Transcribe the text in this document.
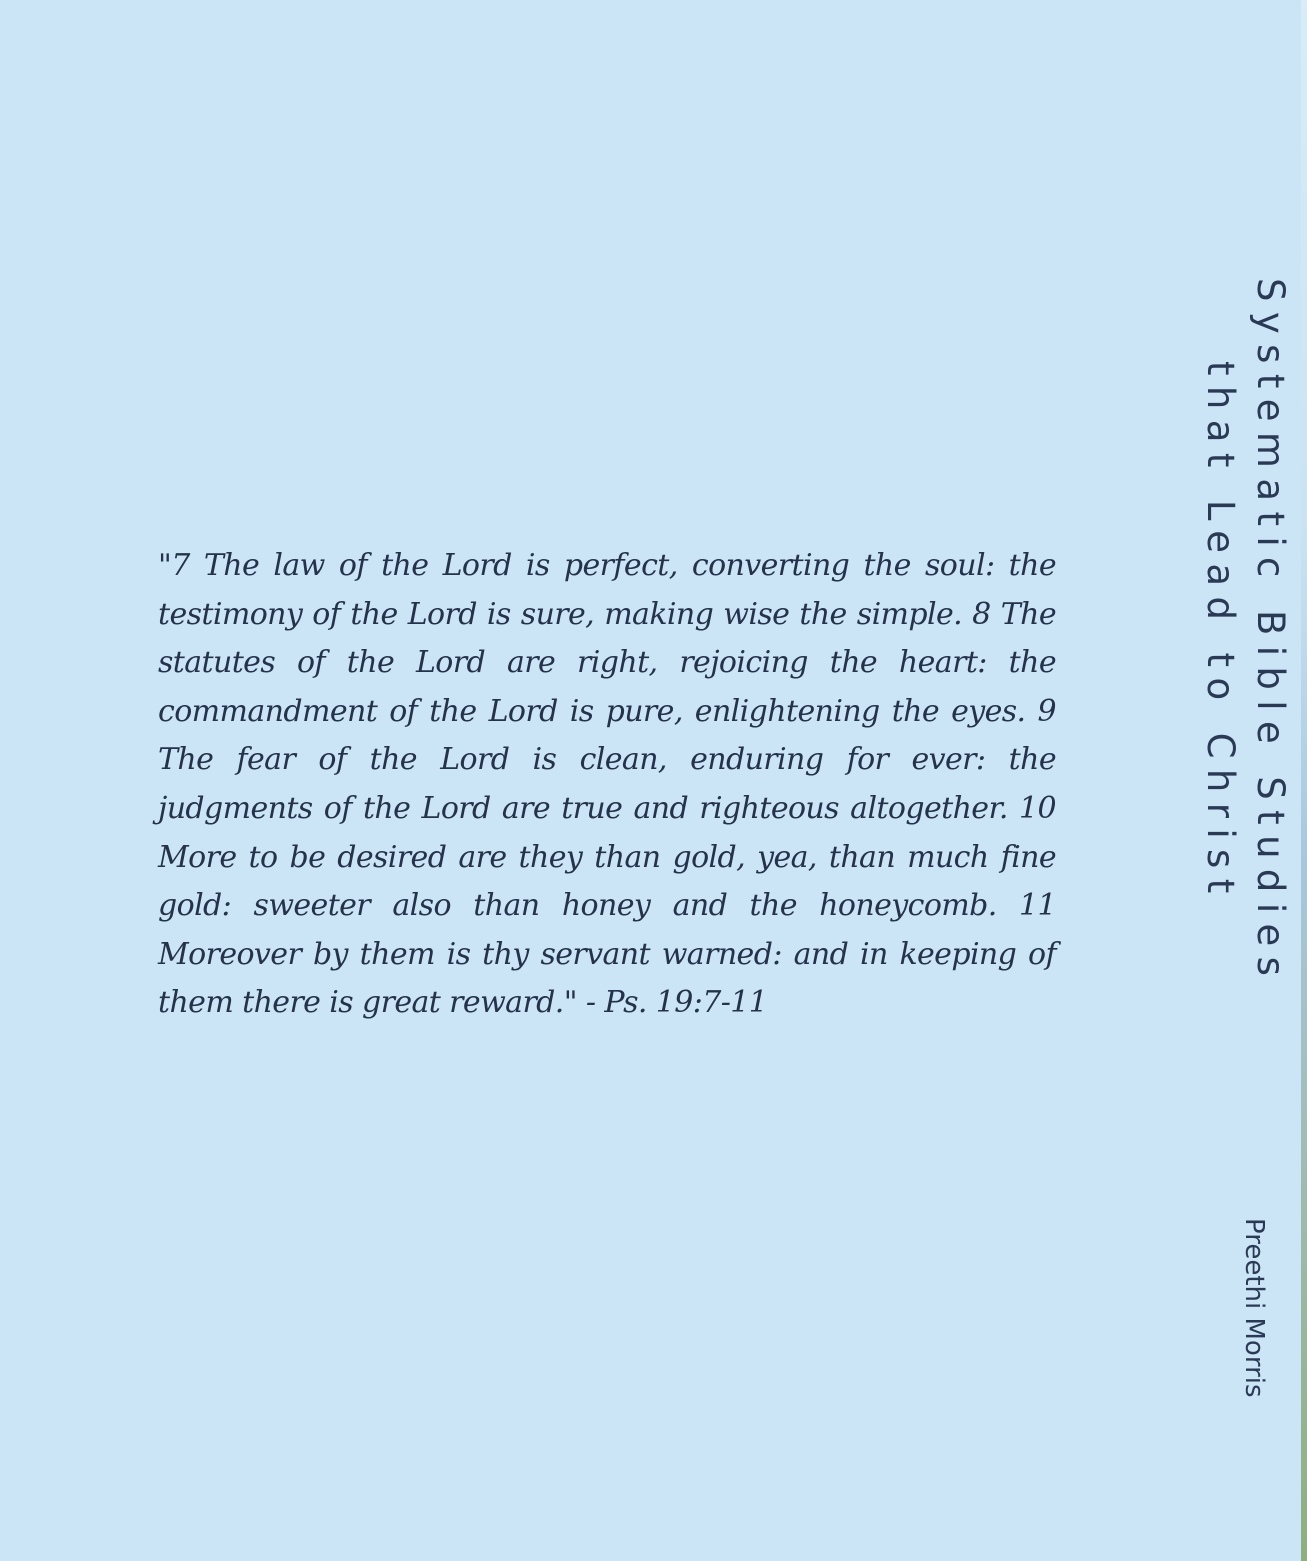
"7 The law of the Lord is perfect, converting the soul: the testimony of the Lord is sure, making wise the simple. 8 The statutes of the Lord are right, rejoicing the heart: the commandment of the Lord is pure, enlightening the eyes. 9 The fear of the Lord is clean, enduring for ever: the judgments of the Lord are true and righteous altogether. 10 More to be desired are they than gold, yea, than much fine gold: sweeter also than honey and the honeycomb. 11 Moreover by them is thy servant warned: and in keeping of them there is great reward." - Ps. 19:7-11

Systematic Bible Studies
that Lead to Christ
Preethi Morris
